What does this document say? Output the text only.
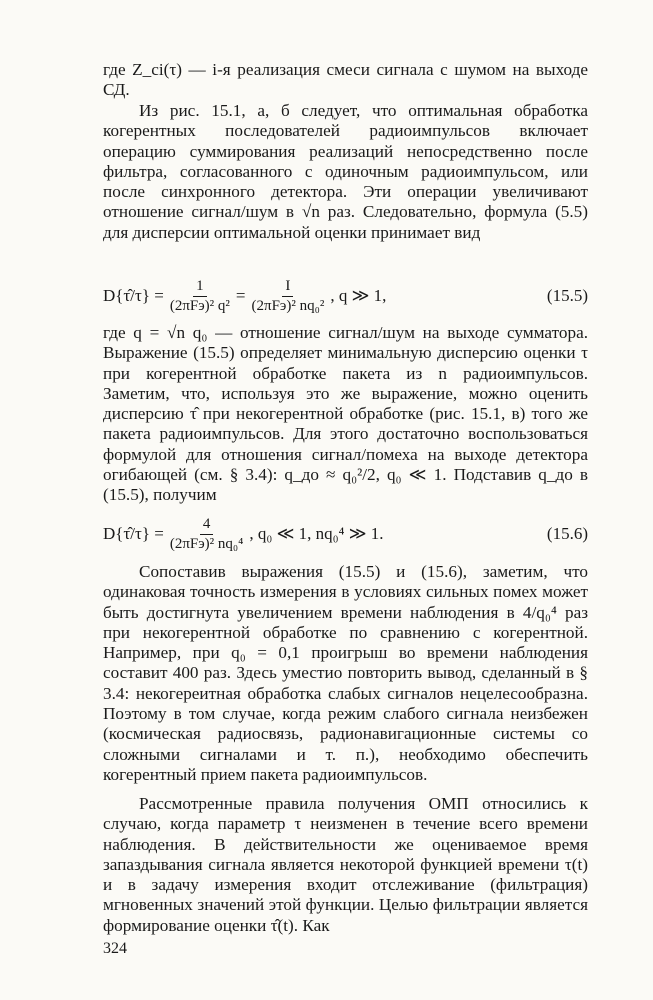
где Z_ci(τ) — i-я реализация смеси сигнала с шумом на выходе СД.

Из рис. 15.1, а, б следует, что оптимальная обработка когерентных последователей радиоимпульсов включает операцию суммирования реализаций непосредственно после фильтра, согласованного с одиночным радиоимпульсом, или после синхронного детектора. Эти операции увеличивают отношение сигнал/шум в √n раз. Следовательно, формула (5.5) для дисперсии оптимальной оценки принимает вид

D{τ̂/τ} = $\frac{1}{\text{(2πFэ)² q²}} = \frac{I}{\text{(2πFэ)² nq₀²}}$ , q ≫ 1,	(15.5)

где q = √n q₀ — отношение сигнал/шум на выходе сумматора. Выражение (15.5) определяет минимальную дисперсию оценки τ при когерентной обработке пакета из n радиоимпульсов. Заметим, что, используя это же выражение, можно оценить дисперсию τ̂ при некогерентной обработке (рис. 15.1, в) того же пакета радиоимпульсов. Для этого достаточно воспользоваться формулой для отношения сигнал/помеха на выходе детектора огибающей (см. § 3.4): q_до ≈ q₀²/2, q₀ ≪ 1. Подставив q_до в (15.5), получим

D{τ̂/τ} = $\frac{4}{\text{(2πFэ)² nq₀⁴}}$ , q₀ ≪ 1, nq₀⁴ ≫ 1.	(15.6)

Сопоставив выражения (15.5) и (15.6), заметим, что одинаковая точность измерения в условиях сильных помех может быть достигнута увеличением времени наблюдения в 4/q₀⁴ раз при некогерентной обработке по сравнению с когерентной. Например, при q₀ = 0,1 проигрыш во времени наблюдения составит 400 раз. Здесь уместио повторить вывод, сделанный в § 3.4: некогереитная обработка слабых сигналов нецелесообразна. Поэтому в том случае, когда режим слабого сигнала неизбежен (космическая радиосвязь, радионавигационные системы со сложными сигналами и т. п.), необходимо обеспечить когерентный прием пакета радиоимпульсов.

Рассмотренные правила получения ОМП относились к случаю, когда параметр τ неизменен в течение всего времени наблюдения. В действительности же оцениваемое время запаздывания сигнала является некоторой функцией времени τ(t) и в задачу измерения входит отслеживание (фильтрация) мгновенных значений этой функции. Целью фильтрации является формирование оценки τ̂(t). Как

324
